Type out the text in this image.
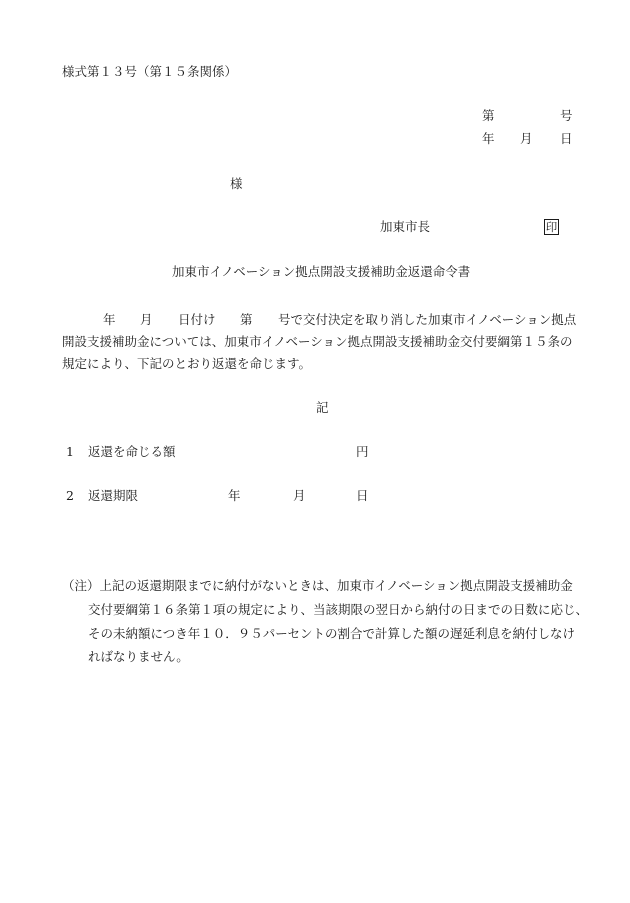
様式第１３号（第１５条関係）
第	号
年 月 日
様
加東市長	印
加東市イノベーション拠点開設支援補助金返還命令書
年 月 日付け 第 号で交付決定を取り消した加東市イノベーション拠点
開設支援補助金については、加東市イノベーション拠点開設支援補助金交付要綱第１５条の
規定により、下記のとおり返還を命じます。
記
1 返還を命じる額	円
2 返還期限	年	月	日
（注）上記の返還期限までに納付がないときは、加東市イノベーション拠点開設支援補助金
交付要綱第１６条第１項の規定により、当該期限の翌日から納付の日までの日数に応じ、
その未納額につき年１０．９５パーセントの割合で計算した額の遅延利息を納付しなけ
ればなりません。
